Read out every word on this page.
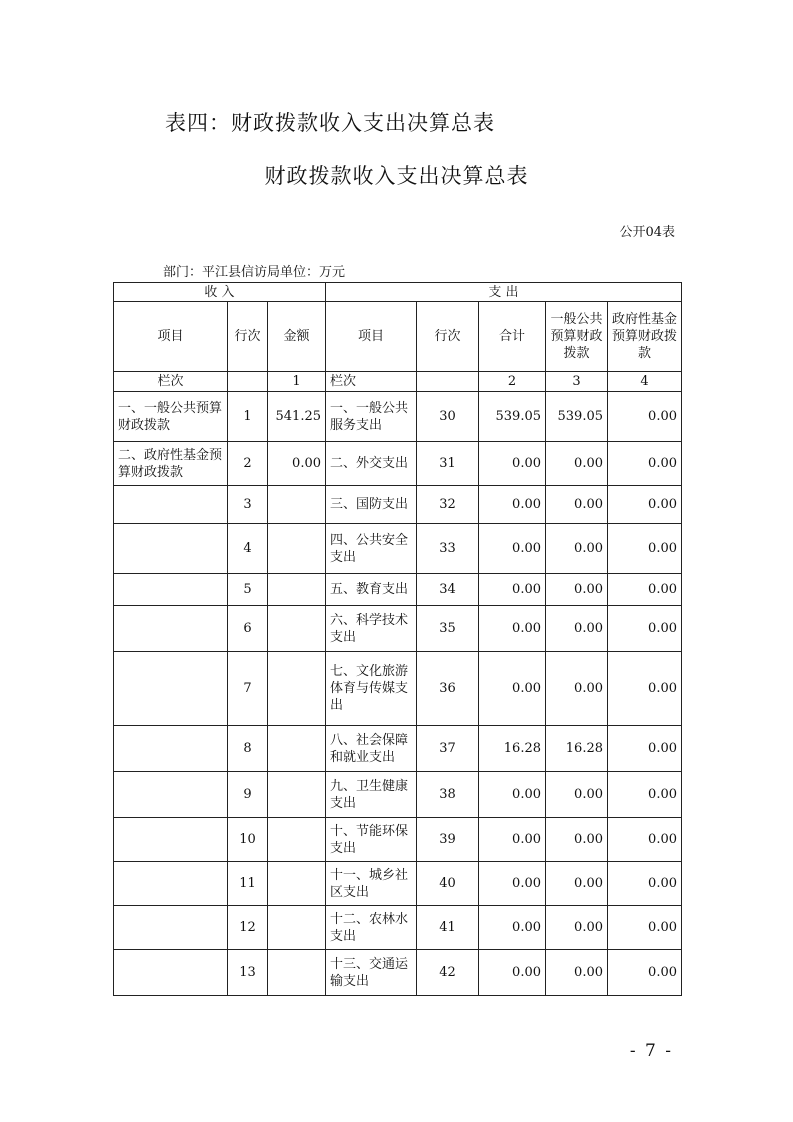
表四：财政拨款收入支出决算总表
财政拨款收入支出决算总表
公开04表
部门：平江县信访局单位：万元
收 入			支 出				
项目	行次	金额	项目	行次	合计	一般公共预算财政拨款	政府性基金预算财政拨款
栏次		1	栏次		2	3	4
一、一般公共预算财政拨款	1	541.25	一、一般公共服务支出	30	539.05	539.05	0.00
二、政府性基金预算财政拨款	2	0.00	二、外交支出	31	0.00	0.00	0.00
	3		三、国防支出	32	0.00	0.00	0.00
	4		四、公共安全支出	33	0.00	0.00	0.00
	5		五、教育支出	34	0.00	0.00	0.00
	6		六、科学技术支出	35	0.00	0.00	0.00
	7		七、文化旅游体育与传媒支出	36	0.00	0.00	0.00
	8		八、社会保障和就业支出	37	16.28	16.28	0.00
	9		九、卫生健康支出	38	0.00	0.00	0.00
	10		十、节能环保支出	39	0.00	0.00	0.00
	11		十一、城乡社区支出	40	0.00	0.00	0.00
	12		十二、农林水支出	41	0.00	0.00	0.00
	13		十三、交通运输支出	42	0.00	0.00	0.00
- 7 -
